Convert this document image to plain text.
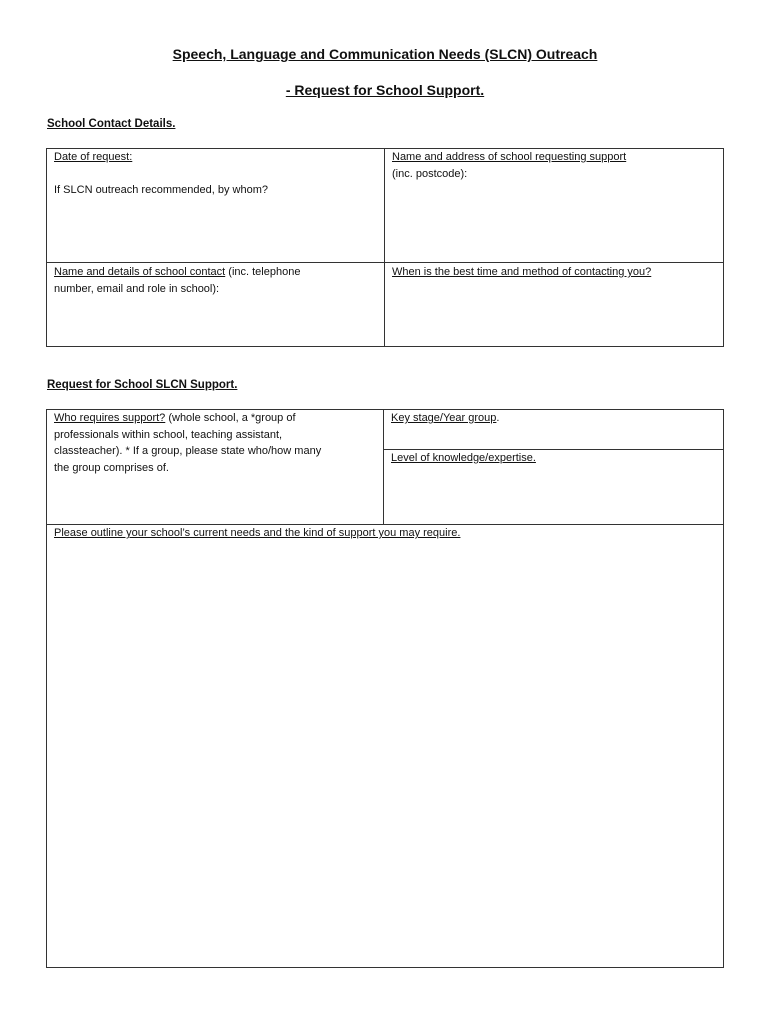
Speech, Language and Communication Needs (SLCN) Outreach
- Request for School Support.
School Contact Details.
Date of request:
If SLCN outreach recommended, by whom?
Name and address of school requesting support
(inc. postcode):
Name and details of school contact (inc. telephone
number, email and role in school):
When is the best time and method of contacting you?
Request for School SLCN Support.
Who requires support? (whole school, a *group of
professionals within school, teaching assistant,
classteacher). * If a group, please state who/how many
the group comprises of.
Key stage/Year group.
Level of knowledge/expertise.
Please outline your school’s current needs and the kind of support you may require.
